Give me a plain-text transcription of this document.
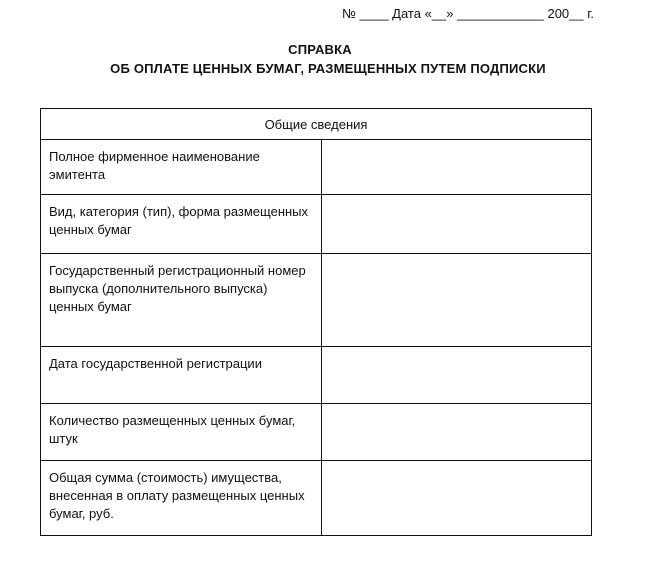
№ ____ Дата «__» ____________ 200__ г.
СПРАВКА
ОБ ОПЛАТЕ ЦЕННЫХ БУМАГ, РАЗМЕЩЕННЫХ ПУТЕМ ПОДПИСКИ
Общие сведения	
Полное фирменное наименование эмитента	
Вид, категория (тип), форма размещенных ценных бумаг	
Государственный регистрационный номер выпуска (дополнительного выпуска) ценных бумаг	
Дата государственной регистрации	
Количество размещенных ценных бумаг, штук	
Общая сумма (стоимость) имущества, внесенная в оплату размещенных ценных бумаг, руб.	
